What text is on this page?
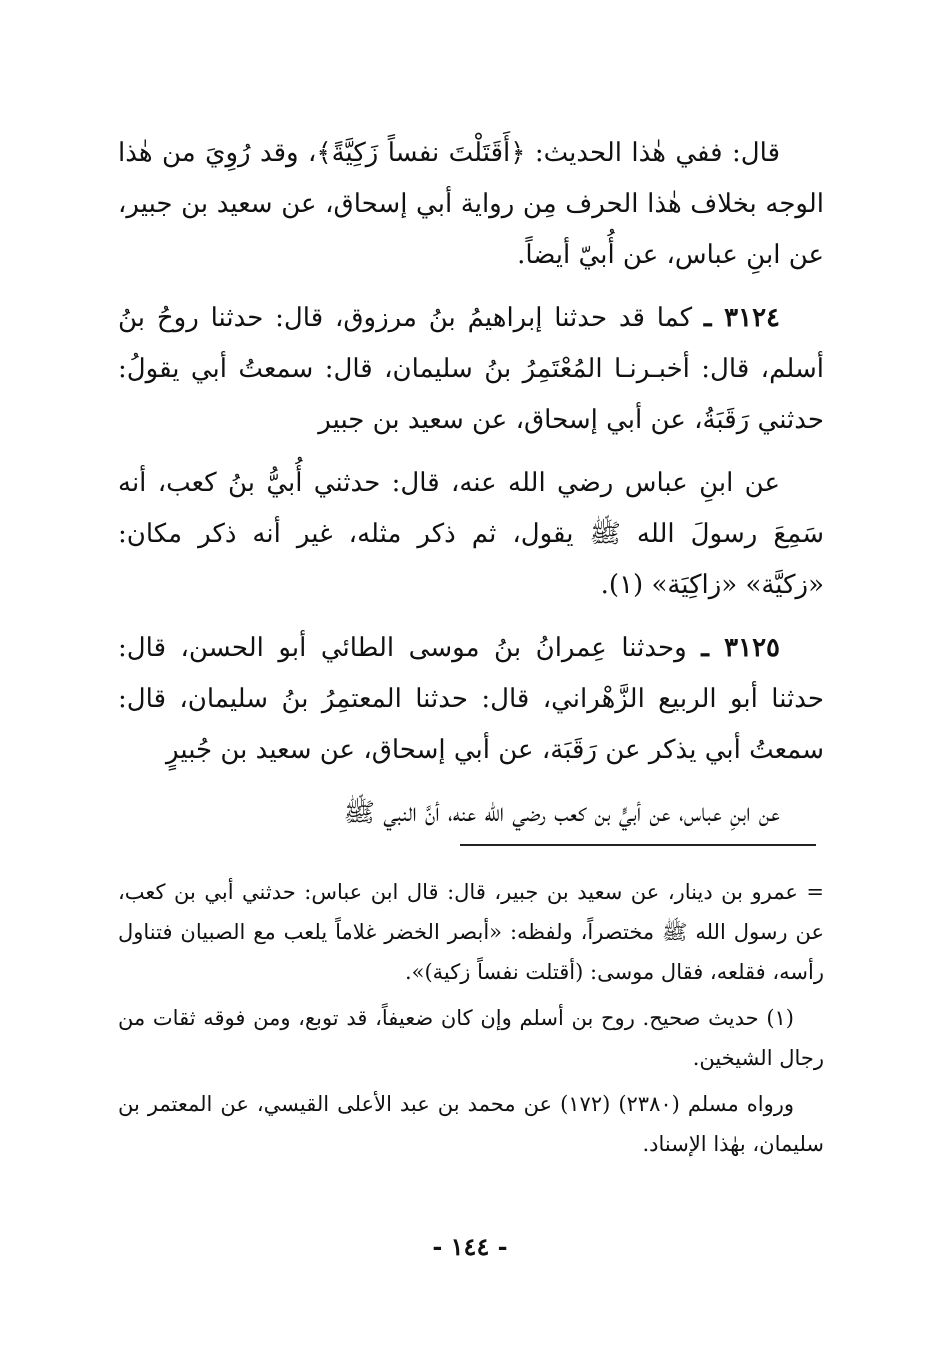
قال: ففي هٰذا الحديث: ﴿أَقَتَلْتَ نفساً زَكِيَّةً﴾، وقد رُوِيَ من هٰذا الوجه بخلاف هٰذا الحرف مِن رواية أبي إسحاق، عن سعيد بن جبير، عن ابنِ عباس، عن أُبيّ أيضاً.

٣١٢٤ ـ كما قد حدثنا إبراهيمُ بنُ مرزوق، قال: حدثنا روحُ بنُ أسلم، قال: أخبـرنـا المُعْتَمِرُ بنُ سليمان، قال: سمعتُ أبي يقولُ: حدثني رَقَبَةُ، عن أبي إسحاق، عن سعيد بن جبير

عن ابنِ عباس رضي الله عنه، قال: حدثني أُبيُّ بنُ كعب، أنه سَمِعَ رسولَ الله ﷺ يقول، ثم ذكر مثله، غير أنه ذكر مكان: «زكيَّة» «زاكِيَة» (١).

٣١٢٥ ـ وحدثنا عِمرانُ بنُ موسى الطائي أبو الحسن، قال: حدثنا أبو الربيع الزَّهْراني، قال: حدثنا المعتمِرُ بنُ سليمان، قال: سمعتُ أبي يذكر عن رَقَبَة، عن أبي إسحاق، عن سعيد بن جُبيرٍ

عن ابنِ عباس، عن أبيٍّ بن كعب رضي الله عنه، أنَّ النبي ﷺ

= عمرو بن دينار، عن سعيد بن جبير، قال: قال ابن عباس: حدثني أبي بن كعب، عن رسول الله ﷺ مختصراً، ولفظه: «أبصر الخضر غلاماً يلعب مع الصبيان فتناول رأسه، فقلعه، فقال موسى: (أقتلت نفساً زكية)».

(١) حديث صحيح. روح بن أسلم وإن كان ضعيفاً، قد توبع، ومن فوقه ثقات من رجال الشيخين.

ورواه مسلم (٢٣٨٠) (١٧٢) عن محمد بن عبد الأعلى القيسي، عن المعتمر بن سليمان، بهٰذا الإسناد.

- ١٤٤ -
